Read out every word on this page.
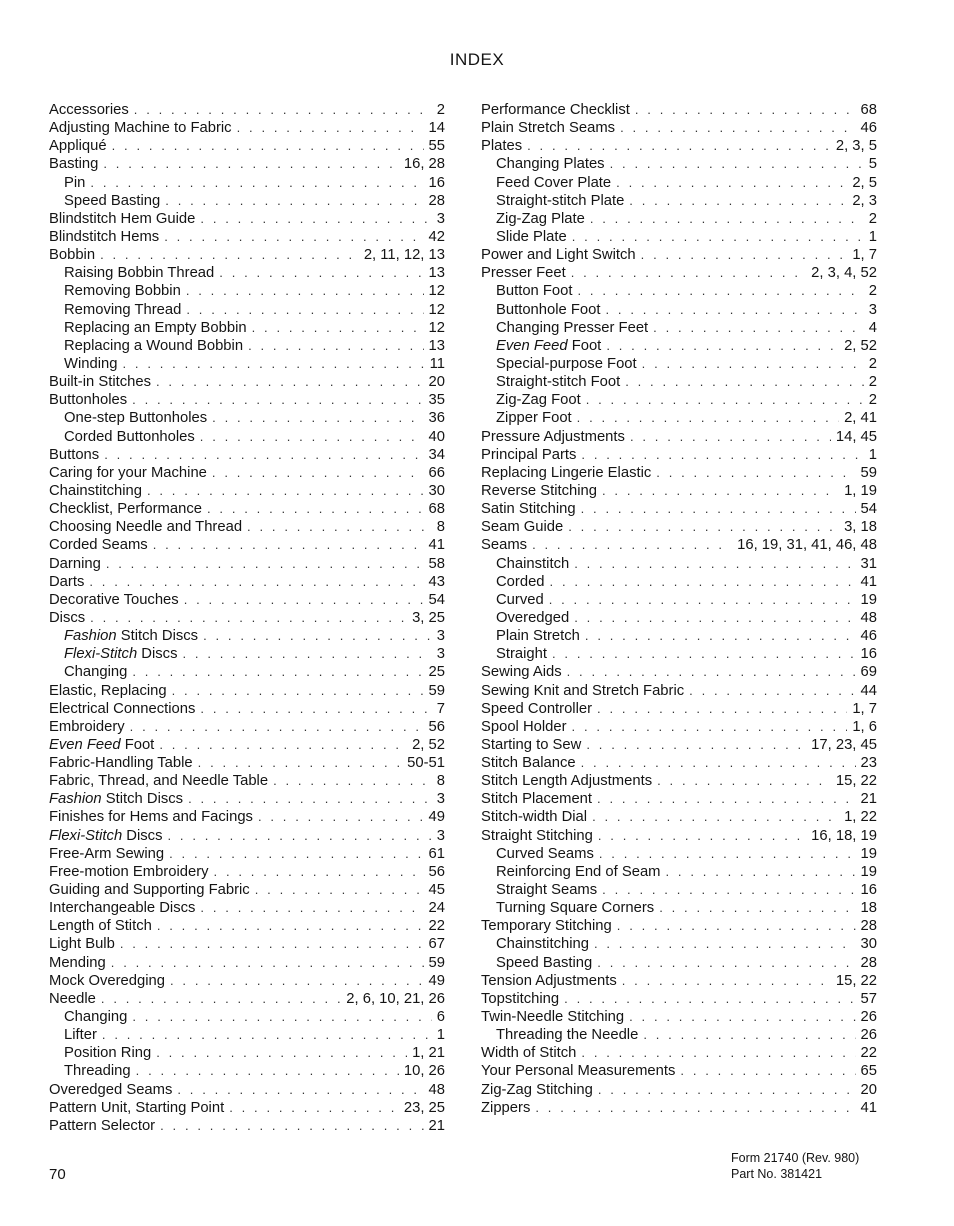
INDEX
Accessories . . .	2
Adjusting Machine to Fabric . . .	14
Appliqué . . .	55
Basting . . .	16, 28
Pin . . .	16
Speed Basting . . .	28
Blindstitch Hem Guide . . .	3
Blindstitch Hems . . .	42
Bobbin . . .	2, 11, 12, 13
Raising Bobbin Thread . . .	13
Removing Bobbin . . .	12
Removing Thread . . .	12
Replacing an Empty Bobbin . . .	12
Replacing a Wound Bobbin . . .	13
Winding . . .	11
Built-in Stitches . . .	20
Buttonholes . . .	35
One-step Buttonholes . . .	36
Corded Buttonholes . . .	40
Buttons . . .	34
Caring for your Machine . . .	66
Chainstitching . . .	30
Checklist, Performance . . .	68
Choosing Needle and Thread . . .	8
Corded Seams . . .	41
Darning . . .	58
Darts . . .	43
Decorative Touches . . .	54
Discs . . .	3, 25
Fashion Stitch Discs . . .	3
Flexi-Stitch Discs . . .	3
Changing . . .	25
Elastic, Replacing . . .	59
Electrical Connections . . .	7
Embroidery . . .	56
Even Feed Foot . . .	2, 52
Fabric-Handling Table . . .	50-51
Fabric, Thread, and Needle Table . . .	8
Fashion Stitch Discs . . .	3
Finishes for Hems and Facings . . .	49
Flexi-Stitch Discs . . .	3
Free-Arm Sewing . . .	61
Free-motion Embroidery . . .	56
Guiding and Supporting Fabric . . .	45
Interchangeable Discs . . .	24
Length of Stitch . . .	22
Light Bulb . . .	67
Mending . . .	59
Mock Overedging . . .	49
Needle . . .	2, 6, 10, 21, 26
Changing . . .	6
Lifter . . .	1
Position Ring . . .	1, 21
Threading . . .	10, 26
Overedged Seams . . .	48
Pattern Unit, Starting Point . . .	23, 25
Pattern Selector . . .	21
Performance Checklist . . .	68
Plain Stretch Seams . . .	46
Plates . . .	2, 3, 5
Changing Plates . . .	5
Feed Cover Plate . . .	2, 5
Straight-stitch Plate . . .	2, 3
Zig-Zag Plate . . .	2
Slide Plate . . .	1
Power and Light Switch . . .	1, 7
Presser Feet . . .	2, 3, 4, 52
Button Foot . . .	2
Buttonhole Foot . . .	3
Changing Presser Feet . . .	4
Even Feed Foot . . .	2, 52
Special-purpose Foot . . .	2
Straight-stitch Foot . . .	2
Zig-Zag Foot . . .	2
Zipper Foot . . .	2, 41
Pressure Adjustments . . .	14, 45
Principal Parts . . .	1
Replacing Lingerie Elastic . . .	59
Reverse Stitching . . .	1, 19
Satin Stitching . . .	54
Seam Guide . . .	3, 18
Seams . . .	16, 19, 31, 41, 46, 48
Chainstitch . . .	31
Corded . . .	41
Curved . . .	19
Overedged . . .	48
Plain Stretch . . .	46
Straight . . .	16
Sewing Aids . . .	69
Sewing Knit and Stretch Fabric . . .	44
Speed Controller . . .	1, 7
Spool Holder . . .	1, 6
Starting to Sew . . .	17, 23, 45
Stitch Balance . . .	23
Stitch Length Adjustments . . .	15, 22
Stitch Placement . . .	21
Stitch-width Dial . . .	1, 22
Straight Stitching . . .	16, 18, 19
Curved Seams . . .	19
Reinforcing End of Seam . . .	19
Straight Seams . . .	16
Turning Square Corners . . .	18
Temporary Stitching . . .	28
Chainstitching . . .	30
Speed Basting . . .	28
Tension Adjustments . . .	15, 22
Topstitching . . .	57
Twin-Needle Stitching . . .	26
Threading the Needle . . .	26
Width of Stitch . . .	22
Your Personal Measurements . . .	65
Zig-Zag Stitching . . .	20
Zippers . . .	41
70
Form 21740 (Rev. 980)
Part No. 381421
